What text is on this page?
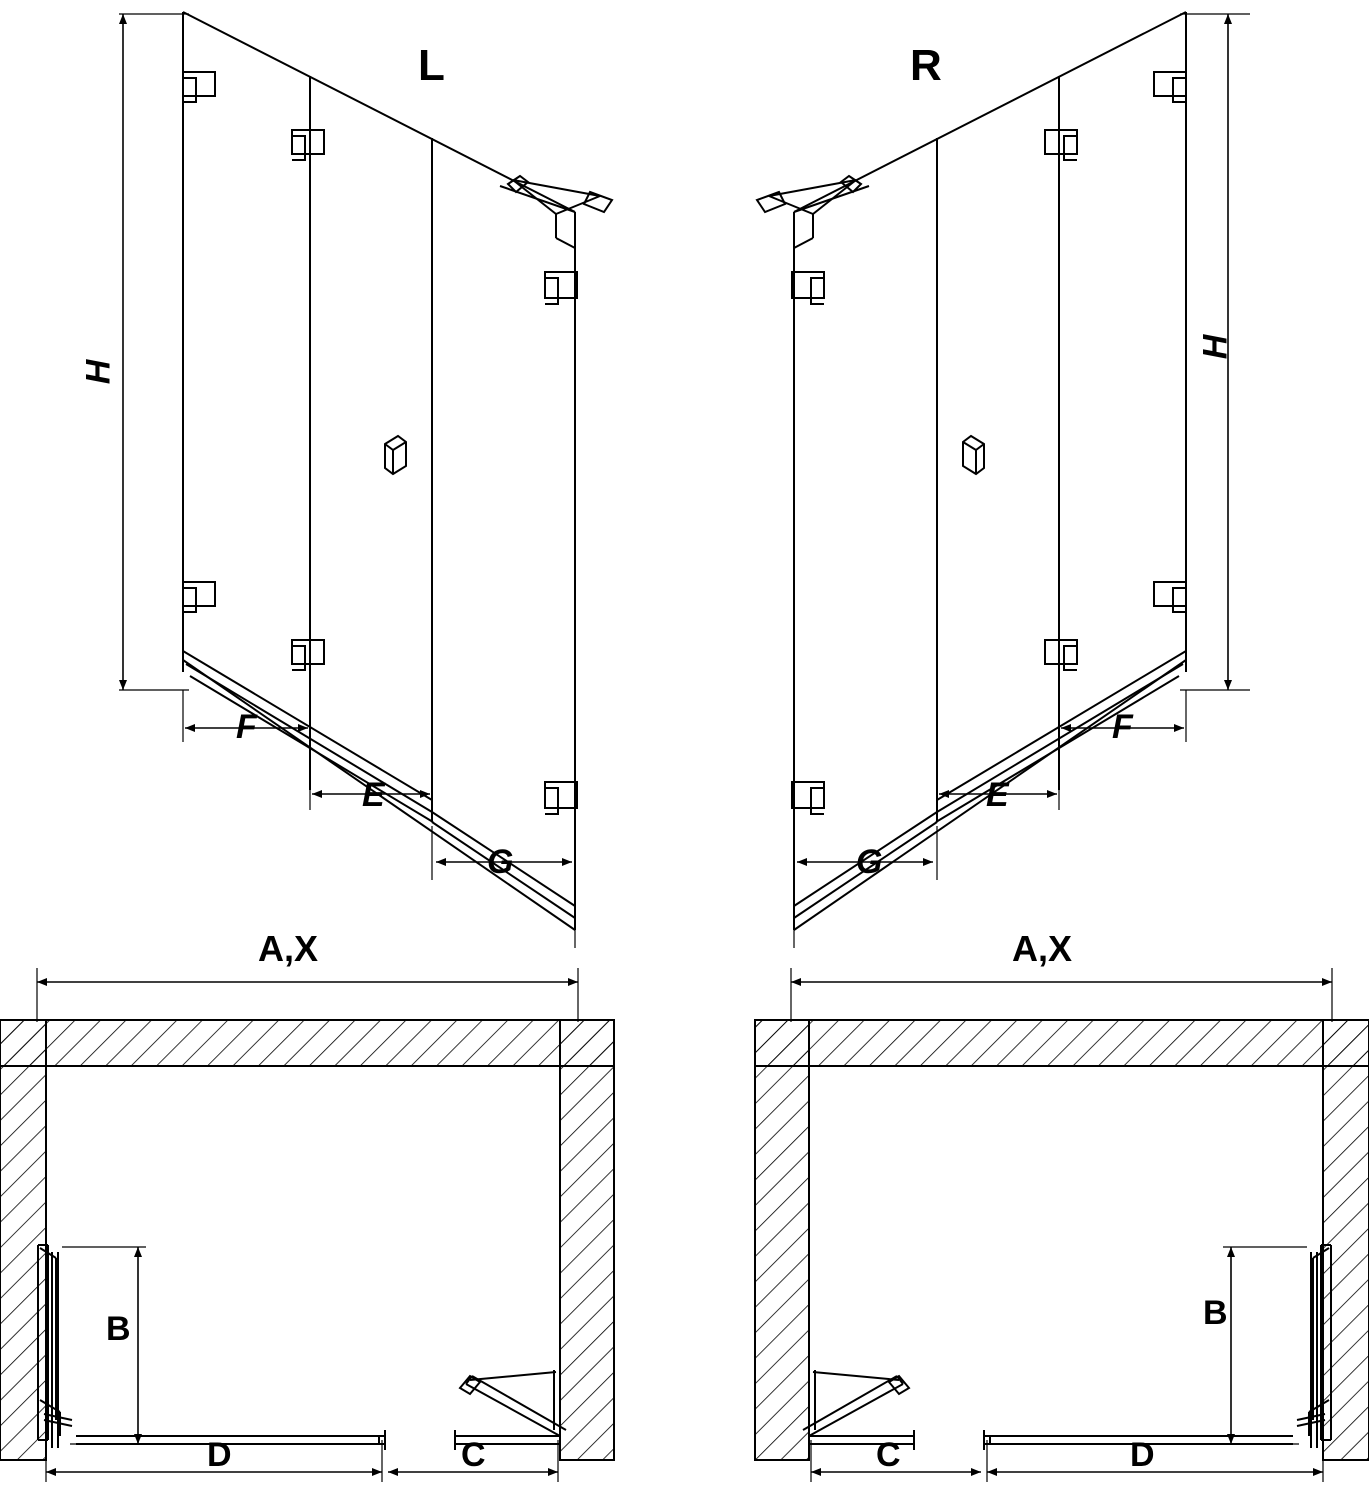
L
H
F
E
G
R
H
F
E
G
A,X	A,X
B	B
D	C	C	D
